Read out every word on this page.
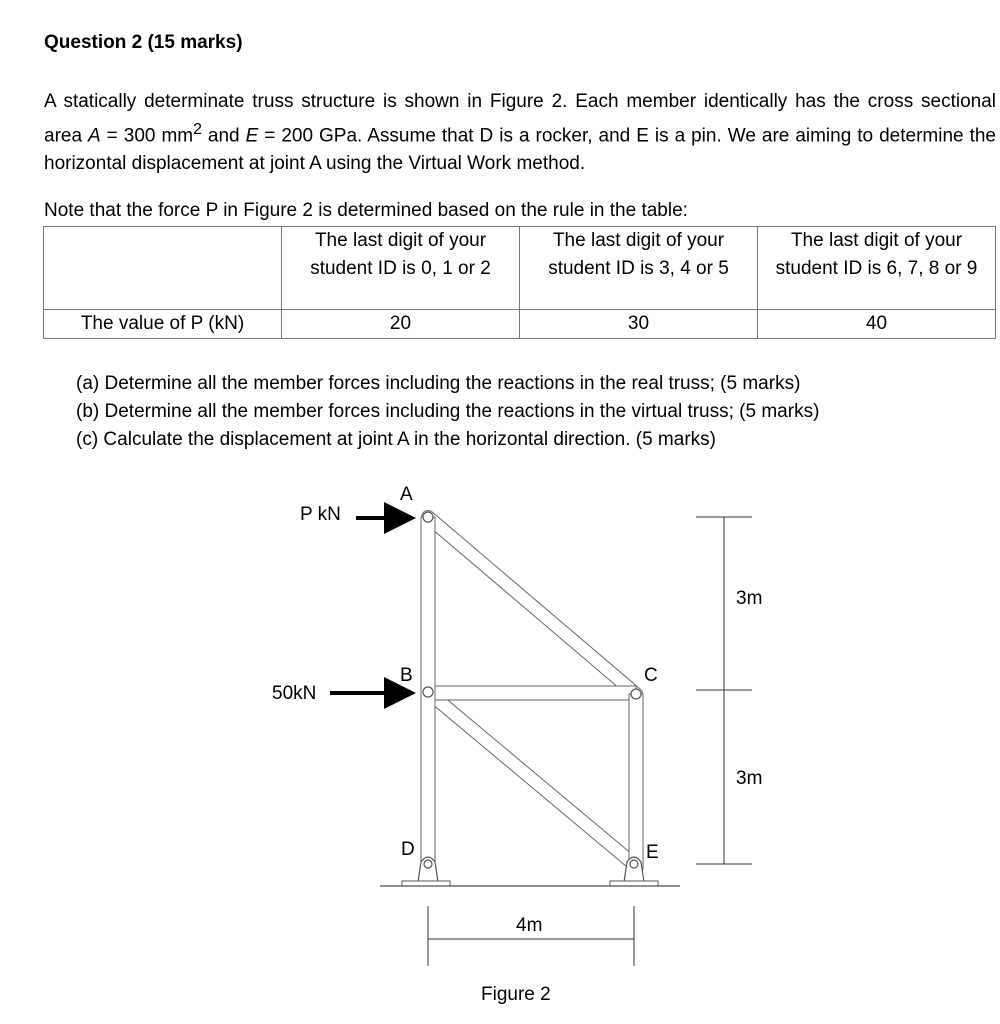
Question 2 (15 marks)

A statically determinate truss structure is shown in Figure 2. Each member identically has the cross sectional area A = 300 $mm^2$ and E = 200 GPa. Assume that D is a rocker, and E is a pin. We are aiming to determine the horizontal displacement at joint A using the Virtual Work method.

Note that the force P in Figure 2 is determined based on the rule in the table:

	The last digit of your student ID is 0, 1 or 2	The last digit of your student ID is 3, 4 or 5	The last digit of your student ID is 6, 7, 8 or 9
The value of P (kN)	20	30	40
(a) Determine all the member forces including the reactions in the real truss; (5 marks)
(b) Determine all the member forces including the reactions in the virtual truss; (5 marks)
(c) Calculate the displacement at joint A in the horizontal direction. (5 marks)
P kN
50kN
A
B	C
D	E
3m
3m
4m
Figure 2
